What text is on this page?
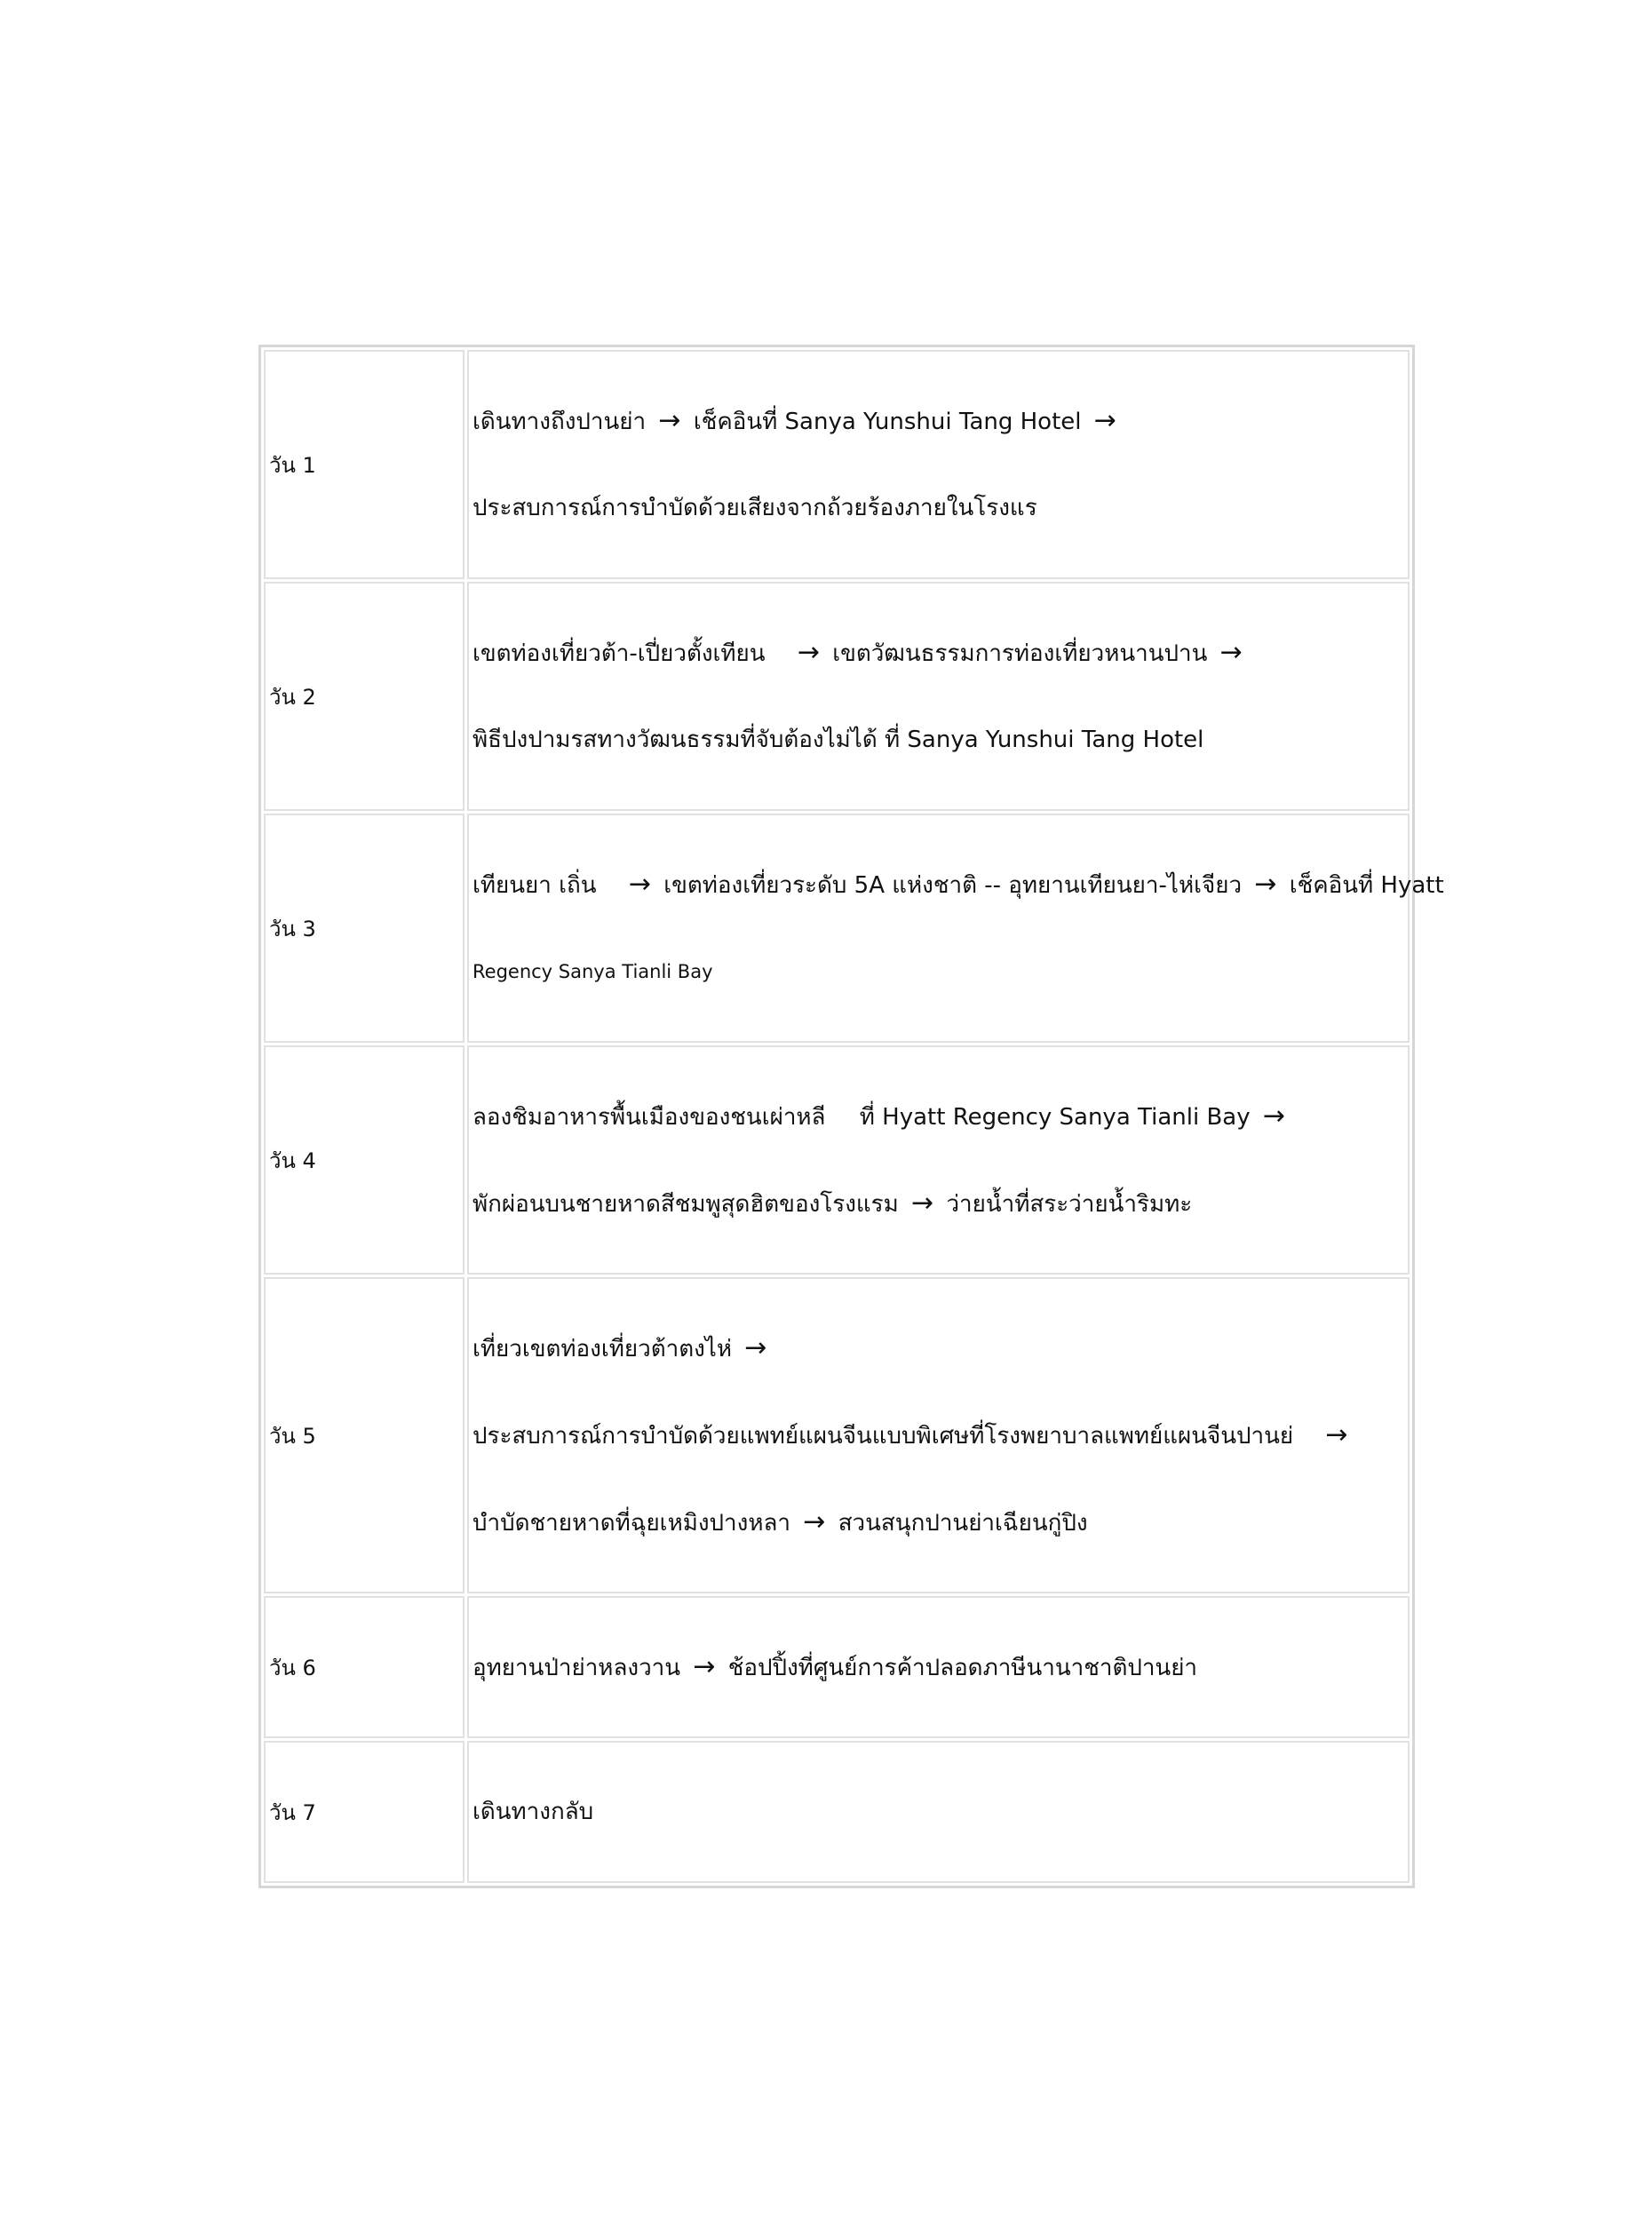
วัน 1	เดินทางถึงปานย่า → เช็คอินที่ Sanya Yunshui Tang Hotel →
ประสบการณ์การบำบัดด้วยเสียงจากถ้วยร้องภายในโรงแร

วัน 2	เขตท่องเที่ยวต้า-เปี่ยวตั้งเทียน → เขตวัฒนธรรมการท่องเที่ยวหนานปาน →
พิธีปงปามรสทางวัฒนธรรมที่จับต้องไม่ได้ ที่ Sanya Yunshui Tang Hotel

วัน 3	เทียนยา เถิ่น → เขตท่องเที่ยวระดับ 5A แห่งชาติ -- อุทยานเทียนยา-ไห่เจียว → เช็คอินที่ Hyatt
Regency Sanya Tianli Bay

วัน 4	ลองชิมอาหารพื้นเมืองของชนเผ่าหลี ที่ Hyatt Regency Sanya Tianli Bay →
พักผ่อนบนชายหาดสีชมพูสุดฮิตของโรงแรม → ว่ายน้ำที่สระว่ายน้ำริมทะ

วัน 5	เที่ยวเขตท่องเที่ยวต้าตงไห่ →
ประสบการณ์การบำบัดด้วยแพทย์แผนจีนแบบพิเศษที่โรงพยาบาลแพทย์แผนจีนปานย่ →
บำบัดชายหาดที่ฉุยเหมิงปางหลา → สวนสนุกปานย่าเฉียนกู่ปิง

วัน 6	อุทยานป่าย่าหลงวาน → ช้อปปิ้งที่ศูนย์การค้าปลอดภาษีนานาชาติปานย่า

วัน 7	เดินทางกลับ
